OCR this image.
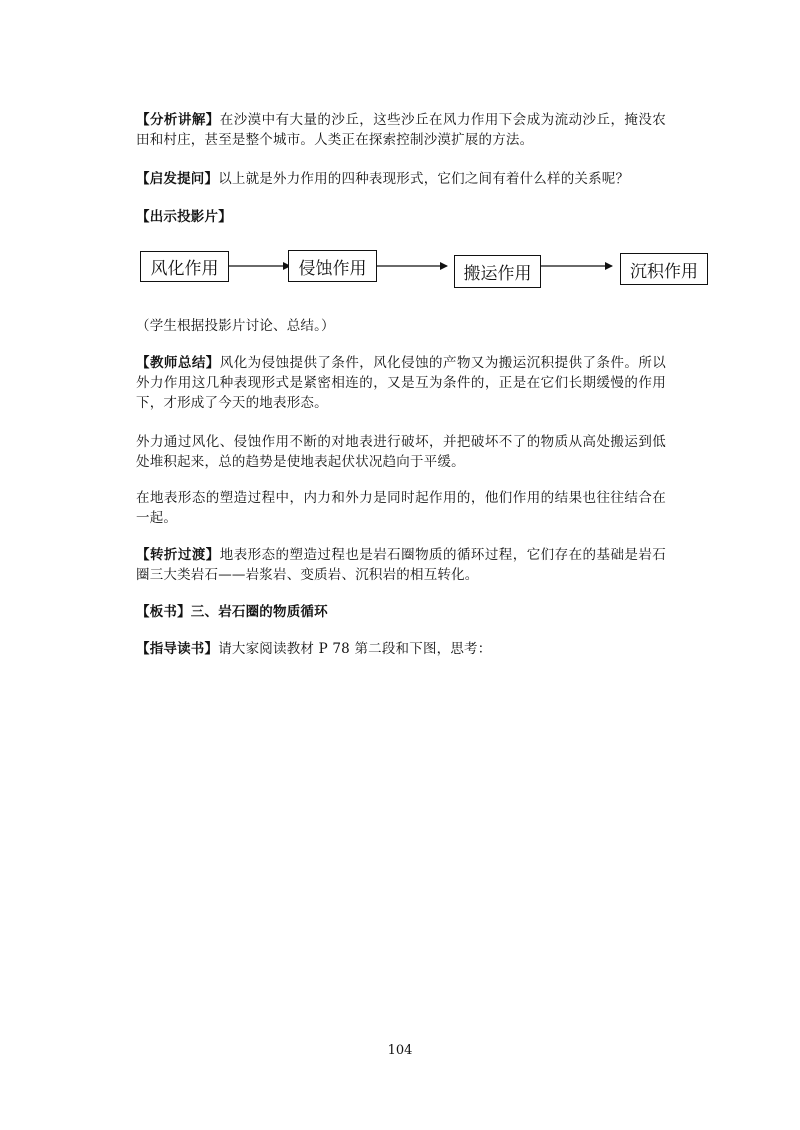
【分析讲解】在沙漠中有大量的沙丘，这些沙丘在风力作用下会成为流动沙丘，掩没农田和村庄，甚至是整个城市。人类正在探索控制沙漠扩展的方法。

【启发提问】以上就是外力作用的四种表现形式，它们之间有着什么样的关系呢？

【出示投影片】

风化作用	侵蚀作用	搬运作用	沉积作用

（学生根据投影片讨论、总结。）

【教师总结】风化为侵蚀提供了条件，风化侵蚀的产物又为搬运沉积提供了条件。所以外力作用这几种表现形式是紧密相连的，又是互为条件的，正是在它们长期缓慢的作用下，才形成了今天的地表形态。

外力通过风化、侵蚀作用不断的对地表进行破坏，并把破坏不了的物质从高处搬运到低处堆积起来，总的趋势是使地表起伏状况趋向于平缓。

在地表形态的塑造过程中，内力和外力是同时起作用的，他们作用的结果也往往结合在一起。

【转折过渡】地表形态的塑造过程也是岩石圈物质的循环过程，它们存在的基础是岩石圈三大类岩石——岩浆岩、变质岩、沉积岩的相互转化。

【板书】三、岩石圈的物质循环

【指导读书】请大家阅读教材 P 78 第二段和下图，思考：

104
